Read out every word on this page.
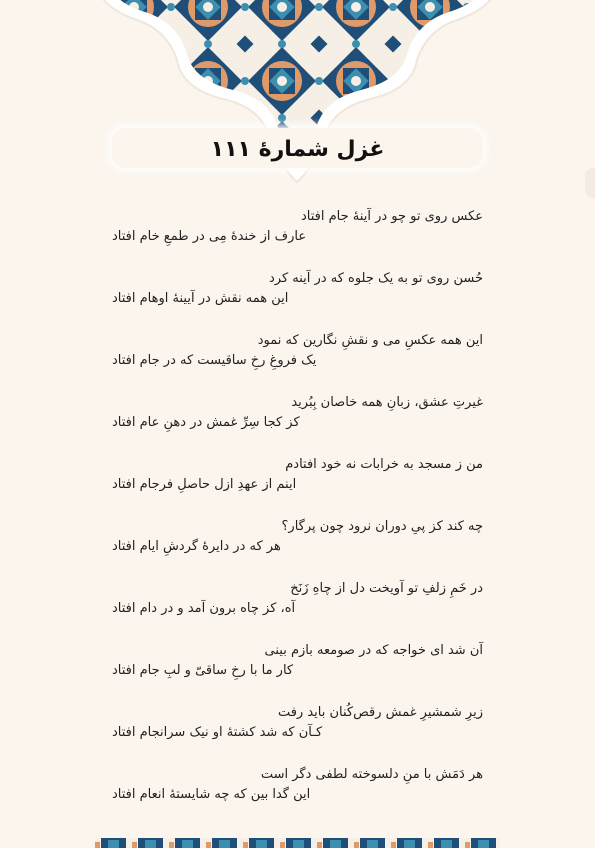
غزل شمارهٔ ۱۱۱
عکس روی تو چو در آینهٔ جام افتاد
عارف از خندهٔ مِی در طمعِ خام افتاد
حُسن روی تو به یک جلوه که در آینه کرد
این همه نقش در آیینهٔ اوهام افتاد
این همه عکسِ می و نقشِ نگارین که نمود
یک فروغِ رخِ ساقیست که در جام افتاد
غیرتِ عشق، زبانِ همه خاصان بِبُرید
کز کجا سِرِّ غمش در دهنِ عام افتاد
من ز مسجد به خرابات نه خود افتادم
اینم از عهدِ ازل حاصلِ فرجام افتاد
چه کند کز پیِ دوران نرود چون پرگار؟
هر که در دایرهٔ گردشِ ایام افتاد
در خَمِ زلفِ تو آویخت دل از چاهِ زَنَخ
آه، کز چاه برون آمد و در دام افتاد
آن شد ای خواجه که در صومعه بازم بینی
کار ما با رخِ ساقیّ و لبِ جام افتاد
زیرِ شمشیرِ غمش رقص‌کُنان باید رفت
کـآن که شد کشتهٔ او نیک سرانجام افتاد
هر دَمَش با منِ دلسوخته لطفی دگر است
این گدا بین که چه شایستهٔ انعام افتاد
